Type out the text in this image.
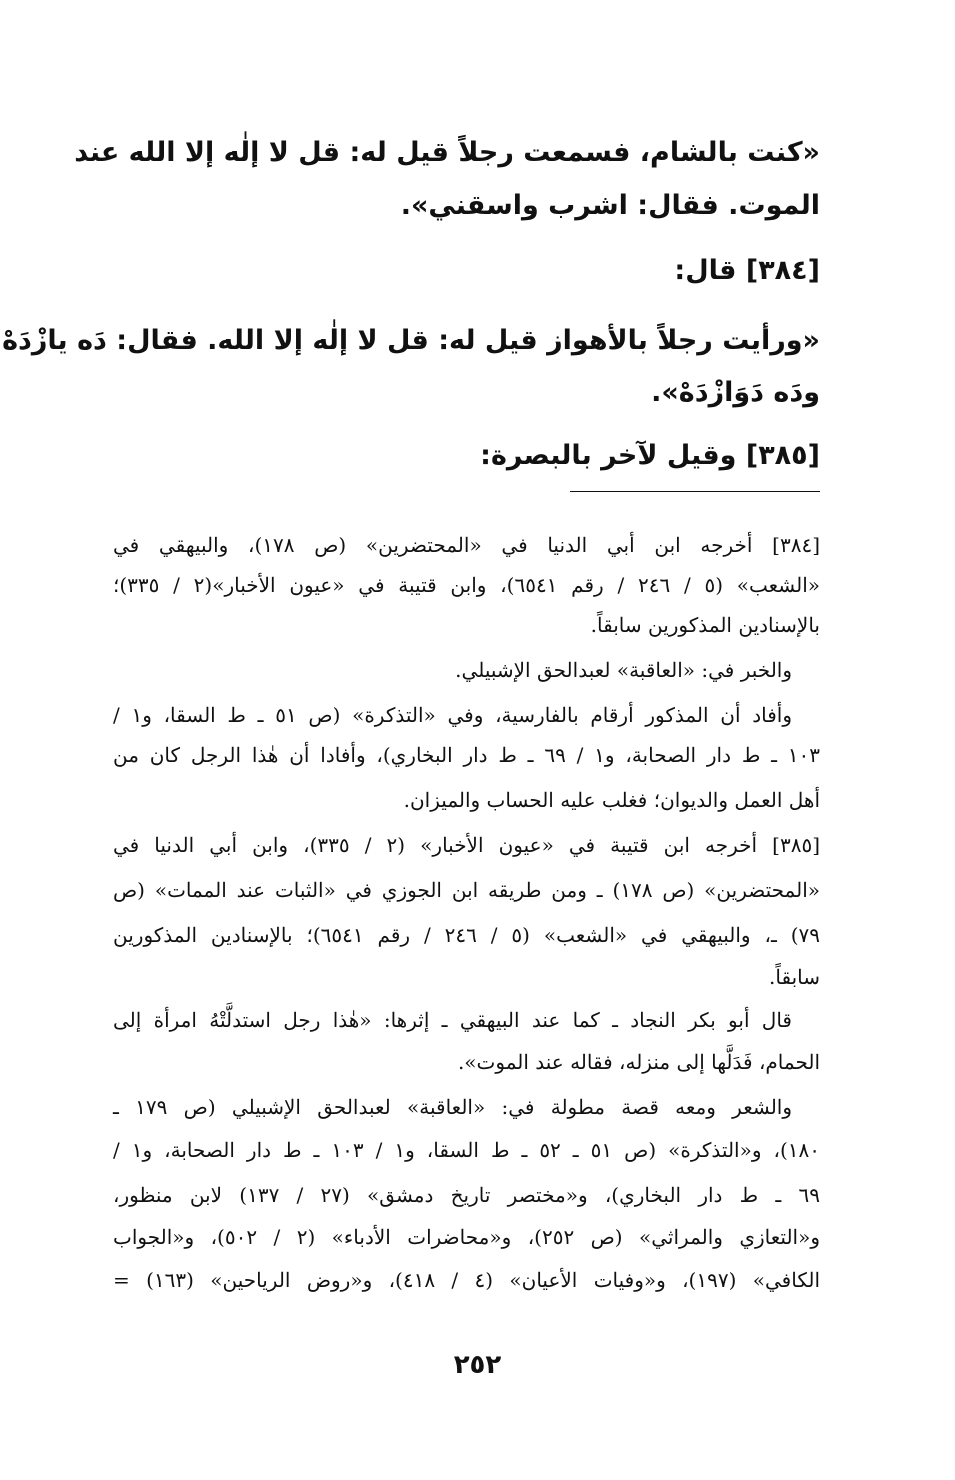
«كنت بالشام، فسمعت رجلاً قيل له: قل لا إلٰه إلا الله عند
الموت. فقال: اشرب واسقني».
[٣٨٤] قال:
«ورأيت رجلاً بالأهواز قيل له: قل لا إلٰه إلا الله. فقال: دَه يازْدَهْ
ودَه دَوَازْدَهْ».
[٣٨٥] وقيل لآخر بالبصرة:
[٣٨٤] أخرجه ابن أبي الدنيا في «المحتضرين» (ص ١٧٨)، والبيهقي في
«الشعب» (٥ / ٢٤٦ / رقم ٦٥٤١)، وابن قتيبة في «عيون الأخبار»(٢ / ٣٣٥)؛
بالإسنادين المذكورين سابقاً.
والخبر في: «العاقبة» لعبدالحق الإشبيلي.
وأفاد أن المذكور أرقام بالفارسية، وفي «التذكرة» (ص ٥١ ـ ط السقا، و١ /
١٠٣ ـ ط دار الصحابة، و١ / ٦٩ ـ ط دار البخاري)، وأفادا أن هٰذا الرجل كان من
أهل العمل والديوان؛ فغلب عليه الحساب والميزان.
[٣٨٥] أخرجه ابن قتيبة في «عيون الأخبار» (٢ / ٣٣٥)، وابن أبي الدنيا في
«المحتضرين» (ص ١٧٨) ـ ومن طريقه ابن الجوزي في «الثبات عند الممات» (ص
٧٩) ـ، والبيهقي في «الشعب» (٥ / ٢٤٦ / رقم ٦٥٤١)؛ بالإسنادين المذكورين
سابقاً.
قال أبو بكر النجاد ـ كما عند البيهقي ـ إثرها: «هٰذا رجل استدلَّتْهُ امرأة إلى
الحمام، فَدَلَّها إلى منزله، فقاله عند الموت».
والشعر ومعه قصة مطولة في: «العاقبة» لعبدالحق الإشبيلي (ص ١٧٩ ـ
١٨٠)، و«التذكرة» (ص ٥١ ـ ٥٢ ـ ط السقا، و١ / ١٠٣ ـ ط دار الصحابة، و١ /
٦٩ ـ ط دار البخاري)، و«مختصر تاريخ دمشق» (٢٧ / ١٣٧) لابن منظور،
و«التعازي والمراثي» (ص ٢٥٢)، و«محاضرات الأدباء» (٢ / ٥٠٢)، و«الجواب
الكافي» (١٩٧)، و«وفيات الأعيان» (٤ / ٤١٨)، و«روض الرياحين» (١٦٣) =
٢٥٢
